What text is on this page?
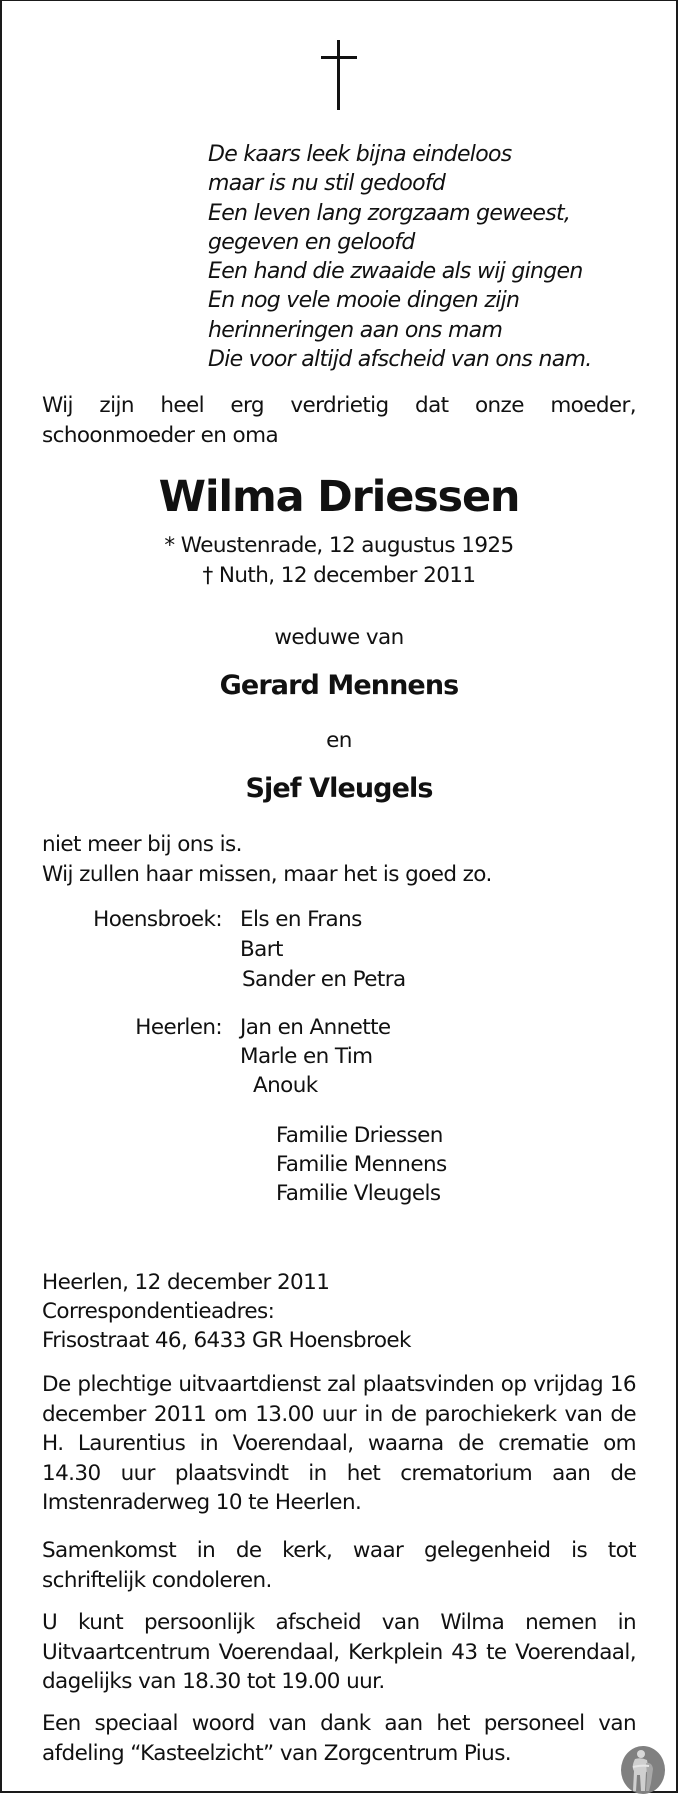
De kaars leek bijna eindeloos
maar is nu stil gedoofd
Een leven lang zorgzaam geweest,
gegeven en geloofd
Een hand die zwaaide als wij gingen
En nog vele mooie dingen zijn
herinneringen aan ons mam
Die voor altijd afscheid van ons nam.
Wij zijn heel erg verdrietig dat onze moeder, schoonmoeder en oma
Wilma Driessen
* Weustenrade, 12 augustus 1925
† Nuth, 12 december 2011
weduwe van
Gerard Mennens
en
Sjef Vleugels
niet meer bij ons is.
Wij zullen haar missen, maar het is goed zo.
Hoensbroek: Els en Frans
Bart
Sander en Petra
Heerlen: Jan en Annette
Marle en Tim
Anouk
Familie Driessen
Familie Mennens
Familie Vleugels
Heerlen, 12 december 2011
Correspondentieadres:
Frisostraat 46, 6433 GR Hoensbroek
De plechtige uitvaartdienst zal plaatsvinden op vrijdag 16 december 2011 om 13.00 uur in de parochiekerk van de H. Laurentius in Voerendaal, waarna de crematie om 14.30 uur plaatsvindt in het crematorium aan de Imstenraderweg 10 te Heerlen.
Samenkomst in de kerk, waar gelegenheid is tot schriftelijk condoleren.
U kunt persoonlijk afscheid van Wilma nemen in Uitvaartcentrum Voerendaal, Kerkplein 43 te Voerendaal, dagelijks van 18.30 tot 19.00 uur.
Een speciaal woord van dank aan het personeel van afdeling “Kasteelzicht” van Zorgcentrum Pius.
